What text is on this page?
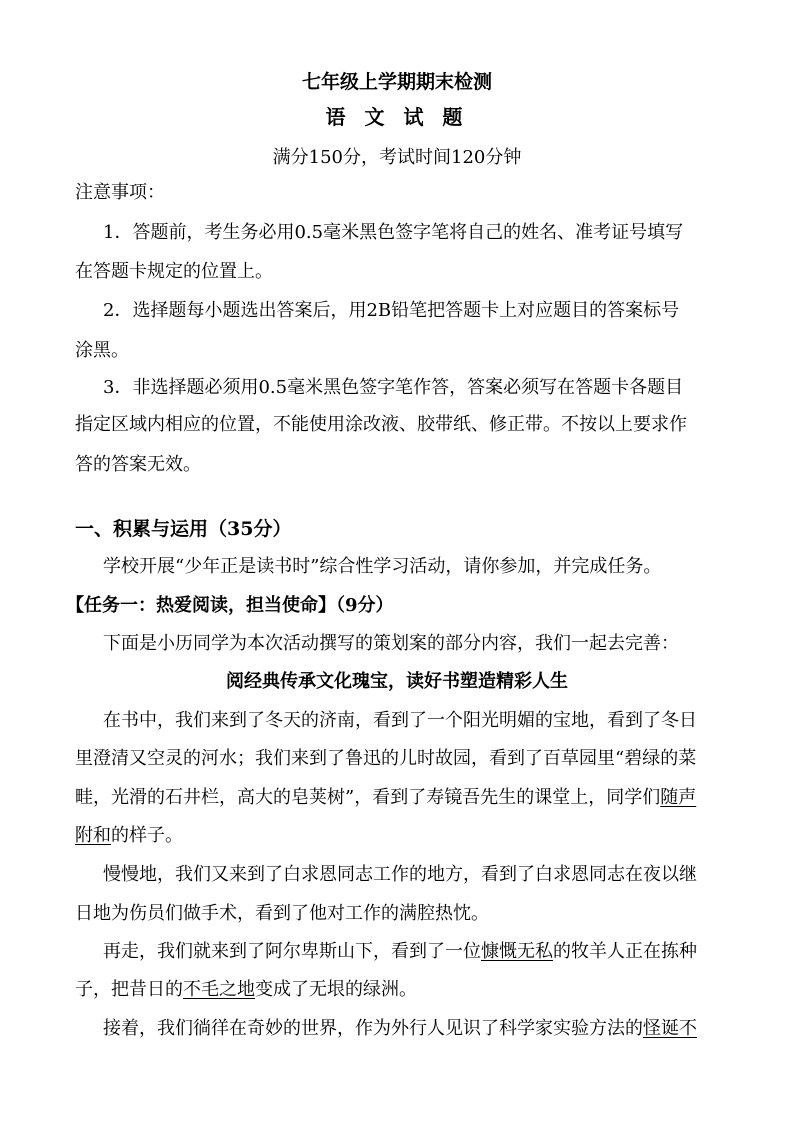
七年级上学期期末检测
语 文 试 题
满分150分，考试时间120分钟
注意事项：
1．答题前，考生务必用0.5毫米黑色签字笔将自己的姓名、准考证号填写
在答题卡规定的位置上。
2．选择题每小题选出答案后，用2B铅笔把答题卡上对应题目的答案标号
涂黑。
3．非选择题必须用0.5毫米黑色签字笔作答，答案必须写在答题卡各题目
指定区域内相应的位置，不能使用涂改液、胶带纸、修正带。不按以上要求作
答的答案无效。
一、积累与运用（35分）
学校开展“少年正是读书时”综合性学习活动，请你参加，并完成任务。
【任务一：热爱阅读，担当使命】（9分）
下面是小历同学为本次活动撰写的策划案的部分内容，我们一起去完善：
阅经典传承文化瑰宝，读好书塑造精彩人生
在书中，我们来到了冬天的济南，看到了一个阳光明媚的宝地，看到了冬日
里澄清又空灵的河水；我们来到了鲁迅的儿时故园，看到了百草园里“碧绿的菜
畦，光滑的石井栏，高大的皂荚树”，看到了寿镜吾先生的课堂上，同学们随声
附和的样子。
慢慢地，我们又来到了白求恩同志工作的地方，看到了白求恩同志在夜以继
日地为伤员们做手术，看到了他对工作的满腔热忱。
再走，我们就来到了阿尔卑斯山下，看到了一位慷慨无私的牧羊人正在拣种
子，把昔日的不毛之地变成了无垠的绿洲。
接着，我们徜徉在奇妙的世界，作为外行人见识了科学家实验方法的怪诞不
